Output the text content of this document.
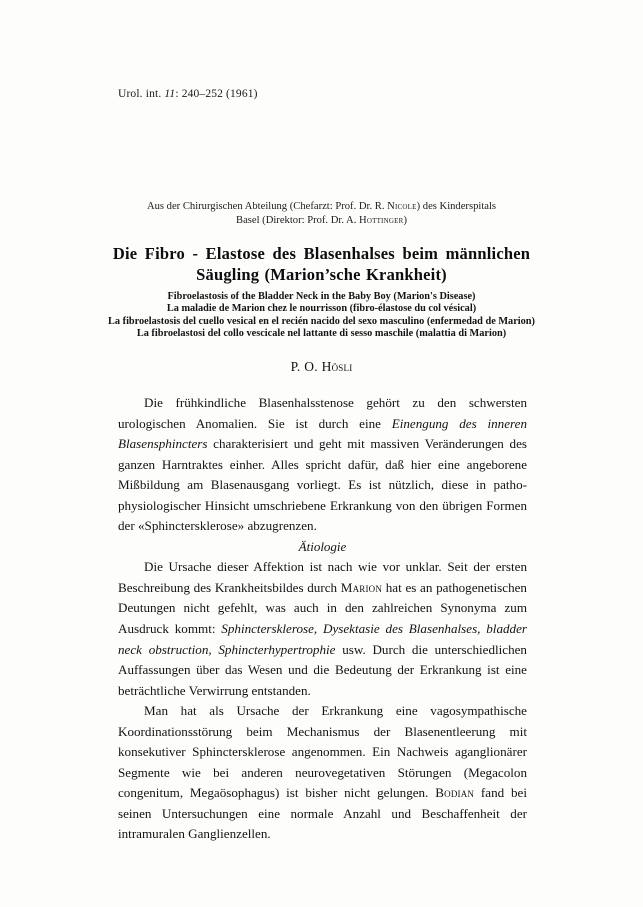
Urol. int. 11: 240–252 (1961)
Aus der Chirurgischen Abteilung (Chefarzt: Prof. Dr. R. Nicole) des Kinderspitals
Basel (Direktor: Prof. Dr. A. Hottinger)
Die Fibro - Elastose des Blasenhalses beim männlichen
Säugling (Marion’sche Krankheit)
Fibroelastosis of the Bladder Neck in the Baby Boy (Marion's Disease)
La maladie de Marion chez le nourrisson (fibro-élastose du col vésical)
La fibroelastosis del cuello vesical en el recién nacido del sexo masculino (enfermedad de Marion)
La fibroelastosi del collo vescicale nel lattante di sesso maschile (malattia di Marion)
P. O. Hösli

Die frühkindliche Blasenhalsstenose gehört zu den schwersten urologischen Anomalien. Sie ist durch eine Einengung des inneren Blasensphincters charakterisiert und geht mit massiven Veränderungen des ganzen Harntraktes einher. Alles spricht dafür, daß hier eine angeborene Mißbildung am Blasenausgang vorliegt. Es ist nützlich, diese in patho-physiologischer Hinsicht umschriebene Erkrankung von den übrigen Formen der «Sphinctersklerose» abzugrenzen.

Ätiologie

Die Ursache dieser Affektion ist nach wie vor unklar. Seit der ersten Beschreibung des Krankheitsbildes durch Marion hat es an pathogenetischen Deutungen nicht gefehlt, was auch in den zahlreichen Synonyma zum Ausdruck kommt: Sphinctersklerose, Dysektasie des Blasenhalses, bladder neck obstruction, Sphincterhypertrophie usw. Durch die unterschiedlichen Auffassungen über das Wesen und die Bedeutung der Erkrankung ist eine beträchtliche Verwirrung entstanden.

Man hat als Ursache der Erkrankung eine vagosympathische Koordinationsstörung beim Mechanismus der Blasenentleerung mit konsekutiver Sphinctersklerose angenommen. Ein Nachweis aganglionärer Segmente wie bei anderen neurovegetativen Störungen (Megacolon congenitum, Megaösophagus) ist bisher nicht gelungen. Bodian fand bei seinen Untersuchungen eine normale Anzahl und Beschaffenheit der intramuralen Ganglienzellen.
